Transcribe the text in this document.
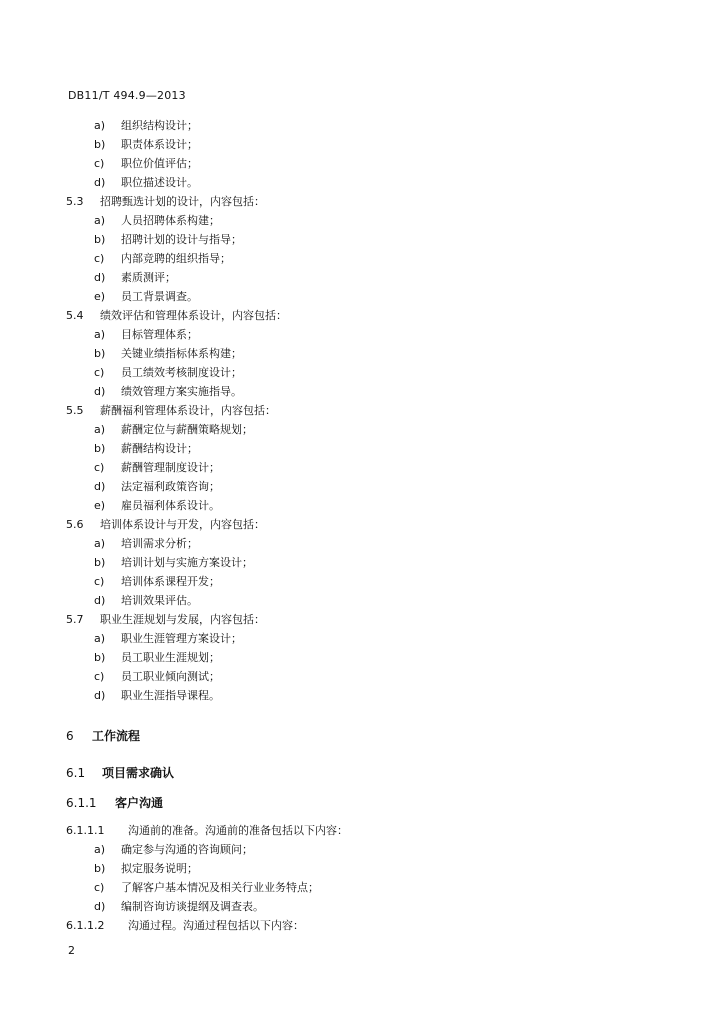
DB11/T 494.9—2013
a) 组织结构设计；
b) 职责体系设计；
c) 职位价值评估；
d) 职位描述设计。
5.3 招聘甄选计划的设计，内容包括：
a) 人员招聘体系构建；
b) 招聘计划的设计与指导；
c) 内部竞聘的组织指导；
d) 素质测评；
e) 员工背景调查。
5.4 绩效评估和管理体系设计，内容包括：
a) 目标管理体系；
b) 关键业绩指标体系构建；
c) 员工绩效考核制度设计；
d) 绩效管理方案实施指导。
5.5 薪酬福利管理体系设计，内容包括：
a) 薪酬定位与薪酬策略规划；
b) 薪酬结构设计；
c) 薪酬管理制度设计；
d) 法定福利政策咨询；
e) 雇员福利体系设计。
5.6 培训体系设计与开发，内容包括：
a) 培训需求分析；
b) 培训计划与实施方案设计；
c) 培训体系课程开发；
d) 培训效果评估。
5.7 职业生涯规划与发展，内容包括：
a) 职业生涯管理方案设计；
b) 员工职业生涯规划；
c) 员工职业倾向测试；
d) 职业生涯指导课程。
6 工作流程
6.1 项目需求确认
6.1.1 客户沟通
6.1.1.1 沟通前的准备。沟通前的准备包括以下内容：
a) 确定参与沟通的咨询顾问；
b) 拟定服务说明；
c) 了解客户基本情况及相关行业业务特点；
d) 编制咨询访谈提纲及调查表。
6.1.1.2 沟通过程。沟通过程包括以下内容：
2
